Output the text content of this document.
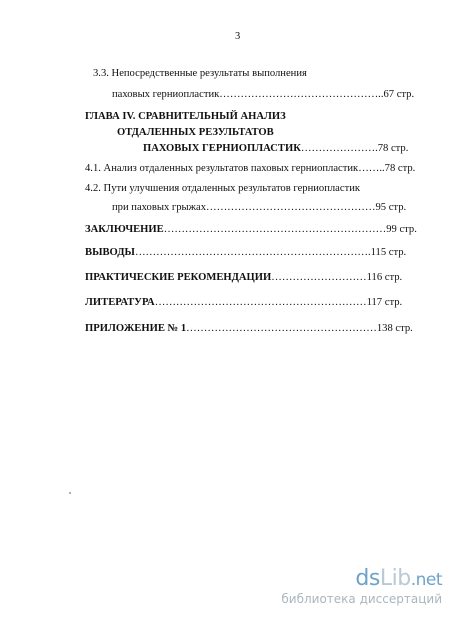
3
3.3. Непосредственные результаты выполнения
паховых герниопластик………………………………………..67 стр.
ГЛАВА IV. СРАВНИТЕЛЬНЫЙ АНАЛИЗ
ОТДАЛЕННЫХ РЕЗУЛЬТАТОВ
ПАХОВЫХ ГЕРНИОПЛАСТИК………………….78 стр.
4.1. Анализ отдаленных результатов паховых герниопластик……..78 стр.
4.2. Пути улучшения отдаленных результатов герниопластик
при паховых грыжах…………………………………………95 стр.
ЗАКЛЮЧЕНИЕ………………………………………………………99 стр.
ВЫВОДЫ………………………………………………………….115 стр.
ПРАКТИЧЕСКИЕ РЕКОМЕНДАЦИИ………………………116 стр.
ЛИТЕРАТУРА……………………………………………………117 стр.
ПРИЛОЖЕНИЕ № 1………………………………………………138 стр.
dsLib.net
библиотека диссертаций
